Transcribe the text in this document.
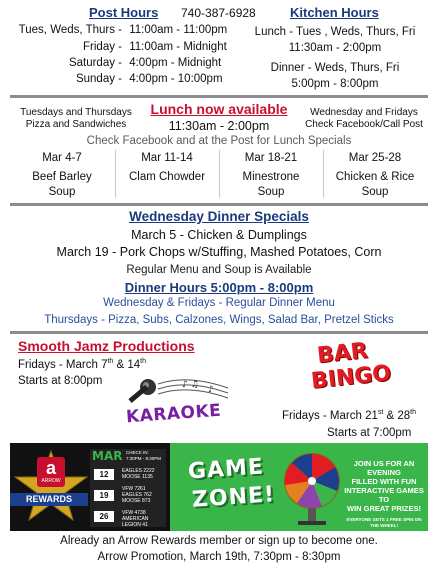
Post Hours 740-387-6928	Kitchen Hours
Tues, Weds, Thurs - 11:00am - 11:00pm
Friday - 11:00am - Midnight
Saturday - 4:00pm - Midnight
Sunday - 4:00pm - 10:00pm
Lunch - Tues , Weds, Thurs, Fri
11:30am - 2:00pm
Dinner - Weds, Thurs, Fri
5:00pm - 8:00pm
Tuesdays and Thursdays
Pizza and Sandwiches
Lunch now available
11:30am - 2:00pm
Wednesday and Fridays
Check Facebook/Call Post
Check Facebook and at the Post for Lunch Specials
Mar 4-7
Beef Barley
Soup
Mar 11-14
Clam Chowder
Mar 18-21
Minestrone
Soup
Mar 25-28
Chicken & Rice
Soup
Wednesday Dinner Specials
March 5 - Chicken & Dumplings
March 19 - Pork Chops w/Stuffing, Mashed Potatoes, Corn
Regular Menu and Soup is Available
Dinner Hours 5:00pm - 8:00pm
Wednesday & Fridays - Regular Dinner Menu
Thursdays - Pizza, Subs, Calzones, Wings, Salad Bar, Pretzel Sticks
Smooth Jamz Productions
Fridays - March 7th & 14th
Starts at 8:00pm	♪ ♫ ♪
KARAOKE
BAR
BINGO
Fridays - March 21st & 28th
Starts at 7:00pm
a
ARROW
REWARDS
MAR CHECK IN:
7:30PM - 8:30PM
12	EAGLES 2222
MOOSE 1135
19
VFW 7261
EAGLES 762
MOOSE 873
26	VFW 4738
AMERICAN LEGION 41
GAME
ZONE!
JOIN US FOR AN EVENING
FILLED WITH FUN
INTERACTIVE GAMES TO
WIN GREAT PRIZES!
EVERYONE GETS 1 FREE SPIN ON THE WHEEL!
Already an Arrow Rewards member or sign up to become one.
Arrow Promotion, March 19th, 7:30pm - 8:30pm
